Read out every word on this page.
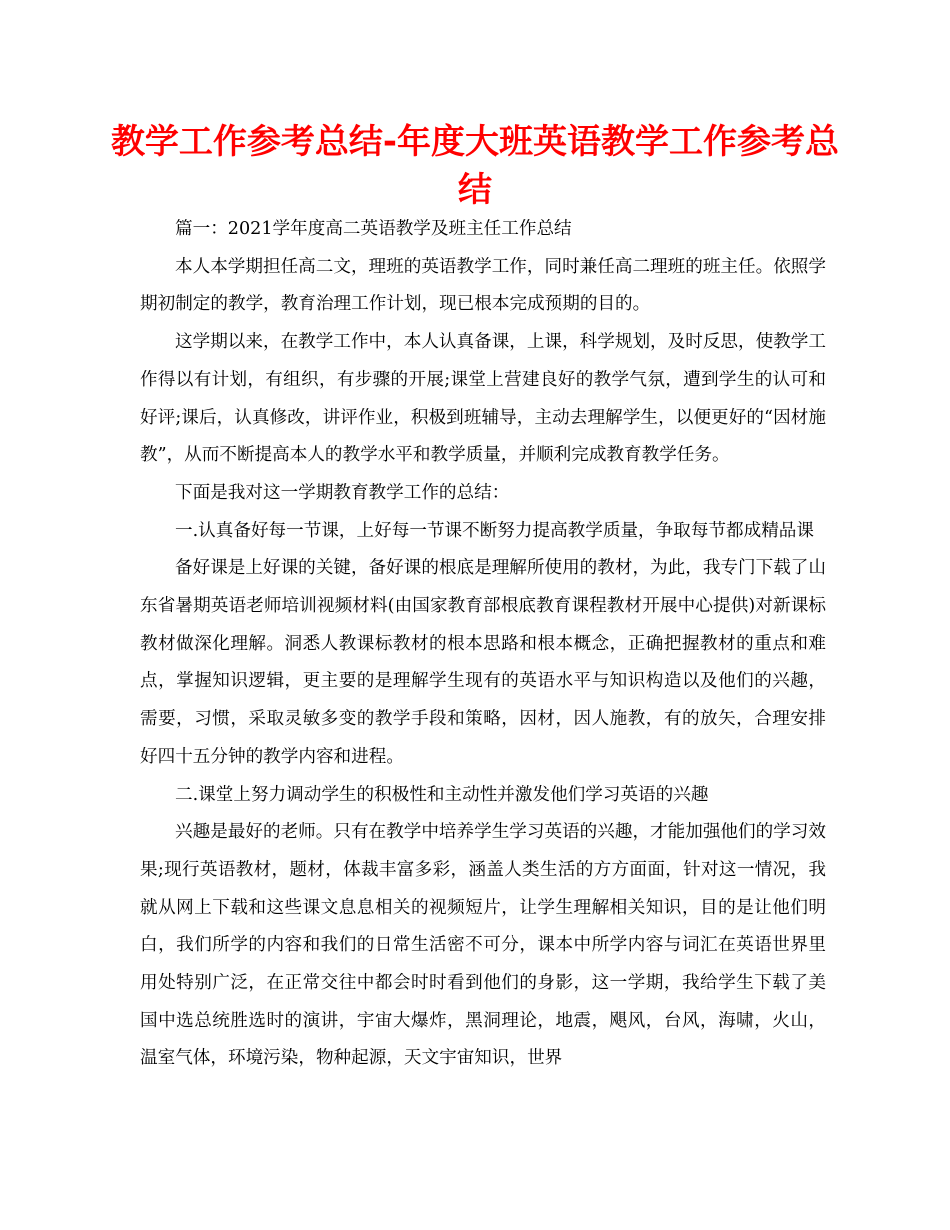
教学工作参考总结-年度大班英语教学工作参考总结

篇一：2021学年度高二英语教学及班主任工作总结

本人本学期担任高二文，理班的英语教学工作，同时兼任高二理班的班主任。依照学期初制定的教学，教育治理工作计划，现已根本完成预期的目的。

这学期以来，在教学工作中，本人认真备课，上课，科学规划，及时反思，使教学工作得以有计划，有组织，有步骤的开展;课堂上营建良好的教学气氛，遭到学生的认可和好评;课后，认真修改，讲评作业，积极到班辅导，主动去理解学生，以便更好的“因材施教”，从而不断提高本人的教学水平和教学质量，并顺利完成教育教学任务。

下面是我对这一学期教育教学工作的总结：

一.认真备好每一节课，上好每一节课不断努力提高教学质量，争取每节都成精品课

备好课是上好课的关键，备好课的根底是理解所使用的教材，为此，我专门下载了山东省暑期英语老师培训视频材料(由国家教育部根底教育课程教材开展中心提供)对新课标教材做深化理解。洞悉人教课标教材的根本思路和根本概念，正确把握教材的重点和难点，掌握知识逻辑，更主要的是理解学生现有的英语水平与知识构造以及他们的兴趣，需要，习惯，采取灵敏多变的教学手段和策略，因材，因人施教，有的放矢，合理安排好四十五分钟的教学内容和进程。

二.课堂上努力调动学生的积极性和主动性并激发他们学习英语的兴趣

兴趣是最好的老师。只有在教学中培养学生学习英语的兴趣，才能加强他们的学习效果;现行英语教材，题材，体裁丰富多彩，涵盖人类生活的方方面面，针对这一情况，我就从网上下载和这些课文息息相关的视频短片，让学生理解相关知识，目的是让他们明白，我们所学的内容和我们的日常生活密不可分，课本中所学内容与词汇在英语世界里用处特别广泛，在正常交往中都会时时看到他们的身影，这一学期，我给学生下载了美国中选总统胜选时的演讲，宇宙大爆炸，黑洞理论，地震，飓风，台风，海啸，火山，温室气体，环境污染，物种起源，天文宇宙知识，世界
